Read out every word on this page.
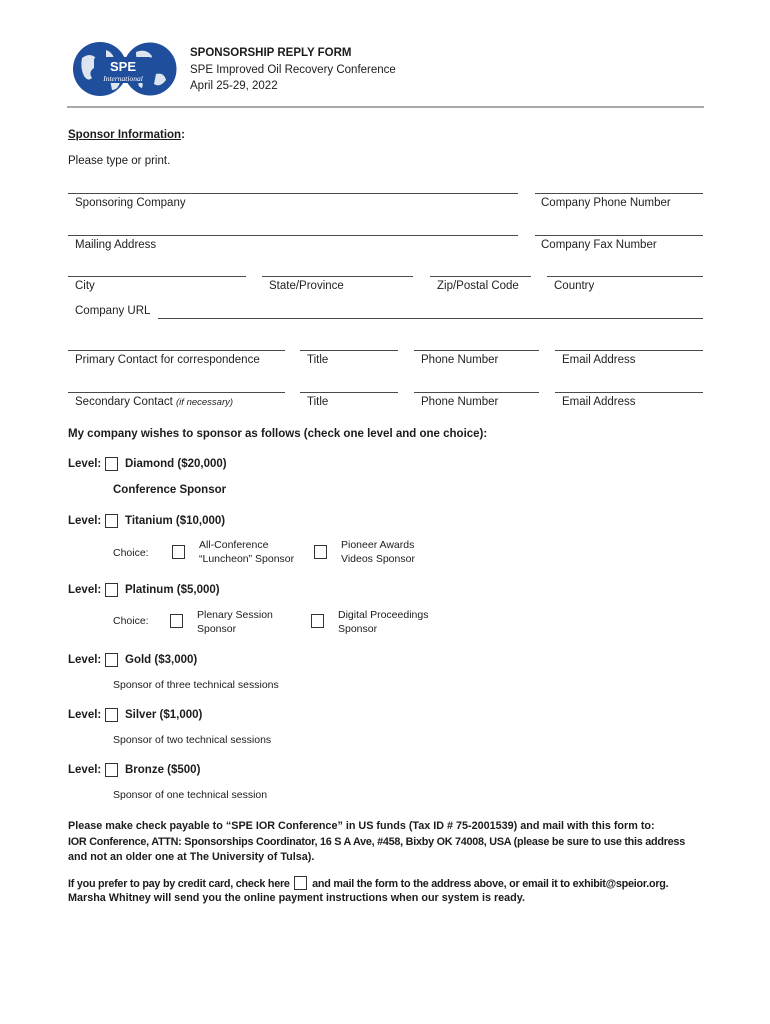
SPE
International
SPONSORSHIP REPLY FORM
SPE Improved Oil Recovery Conference
April 25-29, 2022
Sponsor Information:
Please type or print.
Sponsoring Company	Company Phone Number
Mailing Address	Company Fax Number
City	State/Province	Zip/Postal Code	Country
Company URL
Primary Contact for correspondence	Title	Phone Number	Email Address
Secondary Contact (if necessary)	Title	Phone Number	Email Address
My company wishes to sponsor as follows (check one level and one choice):
Level: Diamond ($20,000)
Conference Sponsor
Level: Titanium ($10,000)
Choice:
All-Conference
“Luncheon” Sponsor
Pioneer Awards
Videos Sponsor
Level: Platinum ($5,000)
Choice:	Plenary Session
Sponsor
Digital Proceedings
Sponsor
Level: Gold ($3,000)
Sponsor of three technical sessions
Level: Silver ($1,000)
Sponsor of two technical sessions
Level: Bronze ($500)
Sponsor of one technical session
Please make check payable to “SPE IOR Conference” in US funds (Tax ID # 75-2001539) and mail with this form to:
IOR Conference, ATTN: Sponsorships Coordinator, 16 S A Ave, #458, Bixby OK 74008, USA (please be sure to use this address
and not an older one at The University of Tulsa).
If you prefer to pay by credit card, check here and mail the form to the address above, or email it to exhibit@speior.org.
Marsha Whitney will send you the online payment instructions when our system is ready.
